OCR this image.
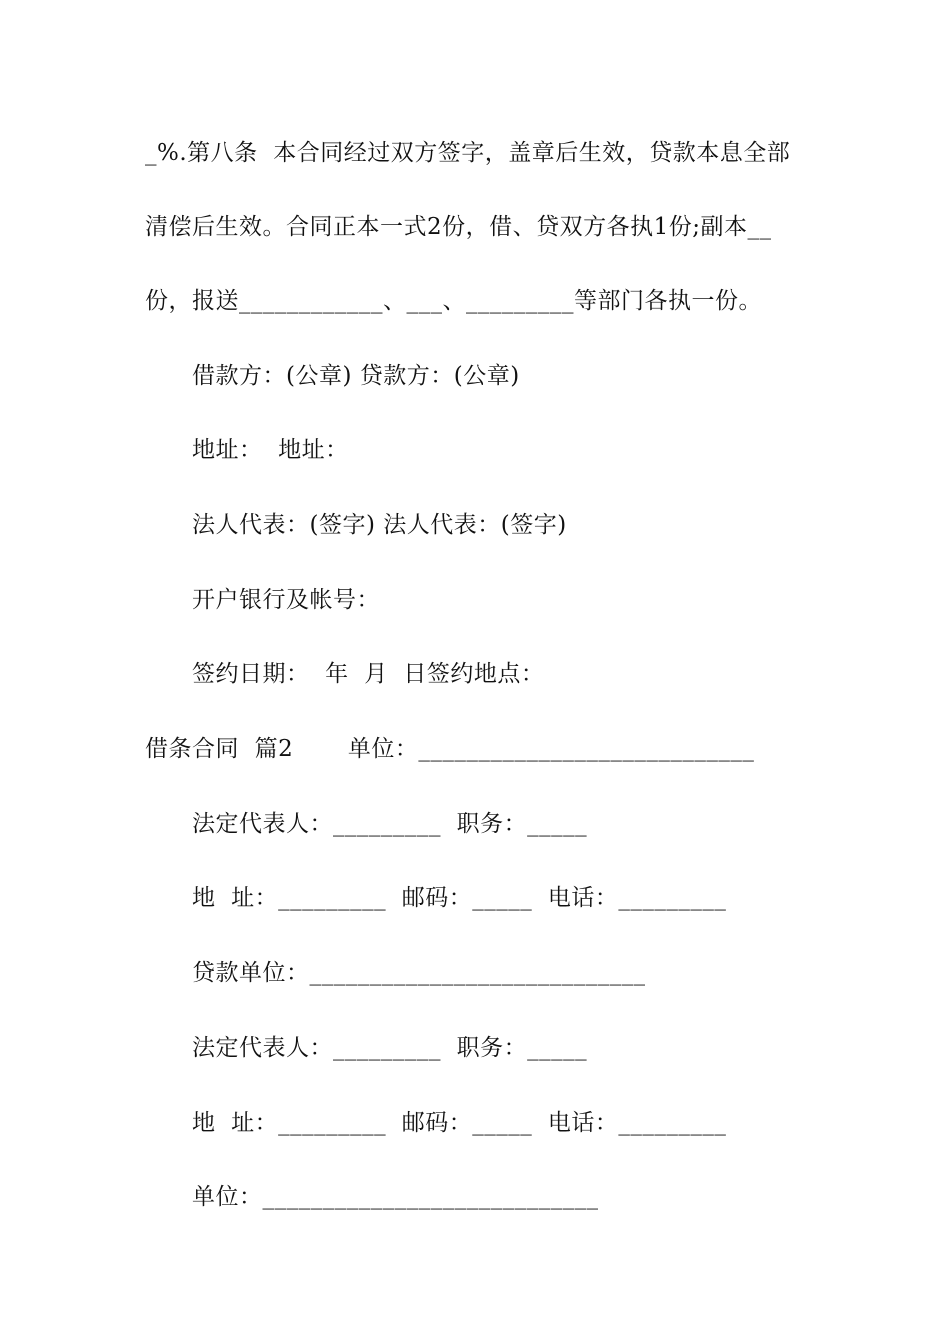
_%.第八条  本合同经过双方签字，盖章后生效，贷款本息全部
清偿后生效。合同正本一式2份，借、贷双方各执1份;副本__
份，报送____________、___、_________等部门各执一份。
借款方：(公章) 贷款方：(公章)
地址：  地址：
法人代表：(签字) 法人代表：(签字)
开户银行及帐号：
签约日期：  年  月  日签约地点：
借条合同  篇2       单位：____________________________
法定代表人：_________  职务：_____
地  址：_________  邮码：_____  电话：_________
贷款单位：____________________________
法定代表人：_________  职务：_____
地  址：_________  邮码：_____  电话：_________
单位：____________________________
